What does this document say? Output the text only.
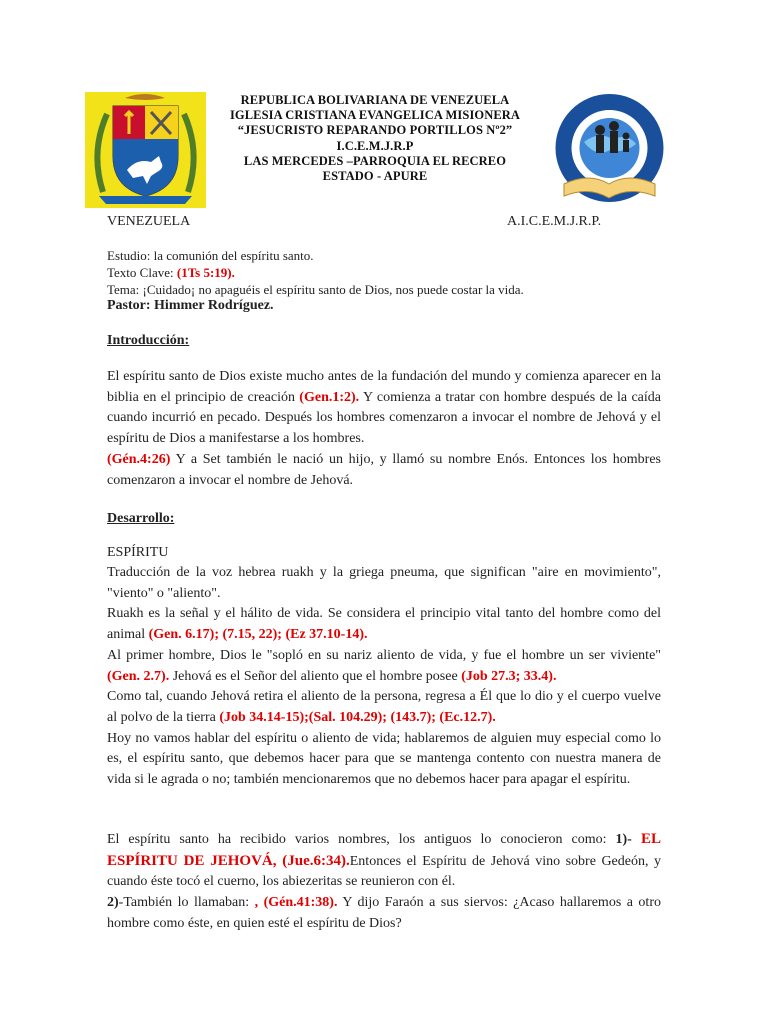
REPUBLICA BOLIVARIANA DE VENEZUELA
IGLESIA CRISTIANA EVANGELICA MISIONERA
“JESUCRISTO REPARANDO PORTILLOS Nº2”
I.C.E.M.J.R.P
LAS MERCEDES –PARROQUIA EL RECREO
ESTADO - APURE
VENEZUELA	A.I.C.E.M.J.R.P.
Estudio: la comunión del espíritu santo.
Texto Clave: (1Ts 5:19).
Tema: ¡Cuidado¡ no apaguéis el espíritu santo de Dios, nos puede costar la vida.
Pastor: Himmer Rodríguez.
Introducción:
El espíritu santo de Dios existe mucho antes de la fundación del mundo y comienza aparecer en la biblia en el principio de creación (Gen.1:2). Y comienza a tratar con hombre después de la caída cuando incurrió en pecado. Después los hombres comenzaron a invocar el nombre de Jehová y el espíritu de Dios a manifestarse a los hombres.
(Gén.4:26) Y a Set también le nació un hijo, y llamó su nombre Enós. Entonces los hombres comenzaron a invocar el nombre de Jehová.
Desarrollo:
ESPÍRITU
Traducción de la voz hebrea ruakh y la griega pneuma, que significan "aire en movimiento", "viento" o "aliento".
Ruakh es la señal y el hálito de vida. Se considera el principio vital tanto del hombre como del animal (Gen. 6.17); (7.15, 22); (Ez 37.10-14).
Al primer hombre, Dios le "sopló en su nariz aliento de vida, y fue el hombre un ser viviente" (Gen. 2.7). Jehová es el Señor del aliento que el hombre posee (Job 27.3; 33.4).
Como tal, cuando Jehová retira el aliento de la persona, regresa a Él que lo dio y el cuerpo vuelve al polvo de la tierra (Job 34.14-15);(Sal. 104.29); (143.7); (Ec.12.7).
Hoy no vamos hablar del espíritu o aliento de vida; hablaremos de alguien muy especial como lo es, el espíritu santo, que debemos hacer para que se mantenga contento con nuestra manera de vida si le agrada o no; también mencionaremos que no debemos hacer para apagar el espíritu.
El espíritu santo ha recibido varios nombres, los antiguos lo conocieron como: 1)- EL ESPÍRITU DE JEHOVÁ, (Jue.6:34).Entonces el Espíritu de Jehová vino sobre Gedeón, y cuando éste tocó el cuerno, los abiezeritas se reunieron con él.
2)-También lo llamaban: , (Gén.41:38). Y dijo Faraón a sus siervos: ¿Acaso hallaremos a otro hombre como éste, en quien esté el espíritu de Dios?
